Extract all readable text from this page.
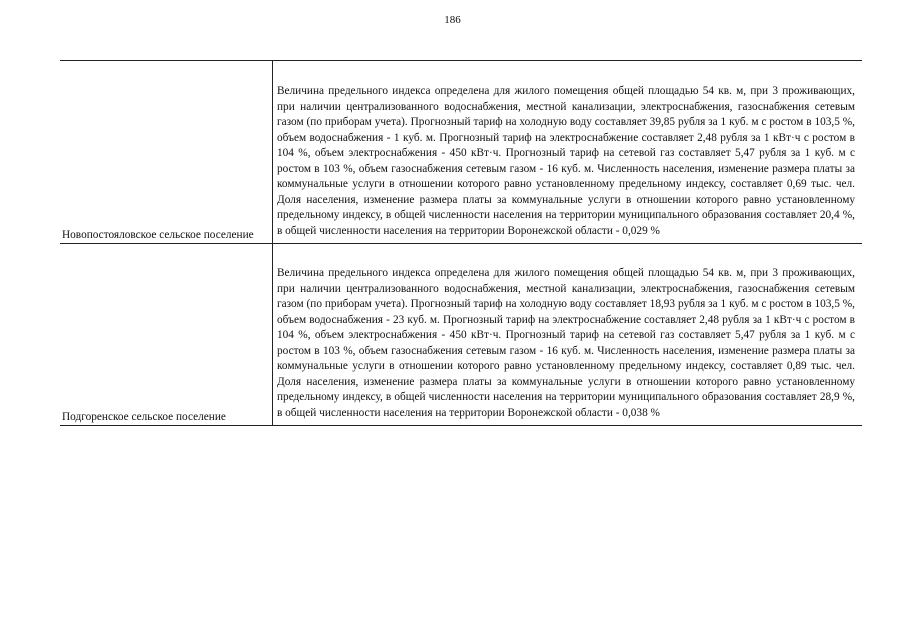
186
Величина предельного индекса определена для жилого помещения общей площадью 54 кв. м, при 3 проживающих, при наличии централизованного водоснабжения, местной канализации, электроснабжения, газоснабжения сетевым газом (по приборам учета). Прогнозный тариф на холодную воду составляет 39,85 рубля за 1 куб. м с ростом в 103,5 %, объем водоснабжения - 1 куб. м. Прогнозный тариф на электроснабжение составляет 2,48 рубля за 1 кВт·ч с ростом в 104 %, объем электроснабжения - 450 кВт·ч. Прогнозный тариф на сетевой газ составляет 5,47 рубля за 1 куб. м с ростом в 103 %, объем газоснабжения сетевым газом - 16 куб. м. Численность населения, изменение размера платы за коммунальные услуги в отношении которого равно установленному предельному индексу, составляет 0,69 тыс. чел. Доля населения, изменение размера платы за коммунальные услуги в отношении которого равно установленному предельному индексу, в общей численности населения на территории муниципального образования составляет 20,4 %, в общей численности населения на территории Воронежской области - 0,029 %
Новопостояловское сельское поселение
Величина предельного индекса определена для жилого помещения общей площадью 54 кв. м, при 3 проживающих, при наличии централизованного водоснабжения, местной канализации, электроснабжения, газоснабжения сетевым газом (по приборам учета). Прогнозный тариф на холодную воду составляет 18,93 рубля за 1 куб. м с ростом в 103,5 %, объем водоснабжения - 23 куб. м. Прогнозный тариф на электроснабжение составляет 2,48 рубля за 1 кВт·ч с ростом в 104 %, объем электроснабжения - 450 кВт·ч. Прогнозный тариф на сетевой газ составляет 5,47 рубля за 1 куб. м с ростом в 103 %, объем газоснабжения сетевым газом - 16 куб. м. Численность населения, изменение размера платы за коммунальные услуги в отношении которого равно установленному предельному индексу, составляет 0,89 тыс. чел. Доля населения, изменение размера платы за коммунальные услуги в отношении которого равно установленному предельному индексу, в общей численности населения на территории муниципального образования составляет 28,9 %, в общей численности населения на территории Воронежской области - 0,038 %
Подгоренское сельское поселение
